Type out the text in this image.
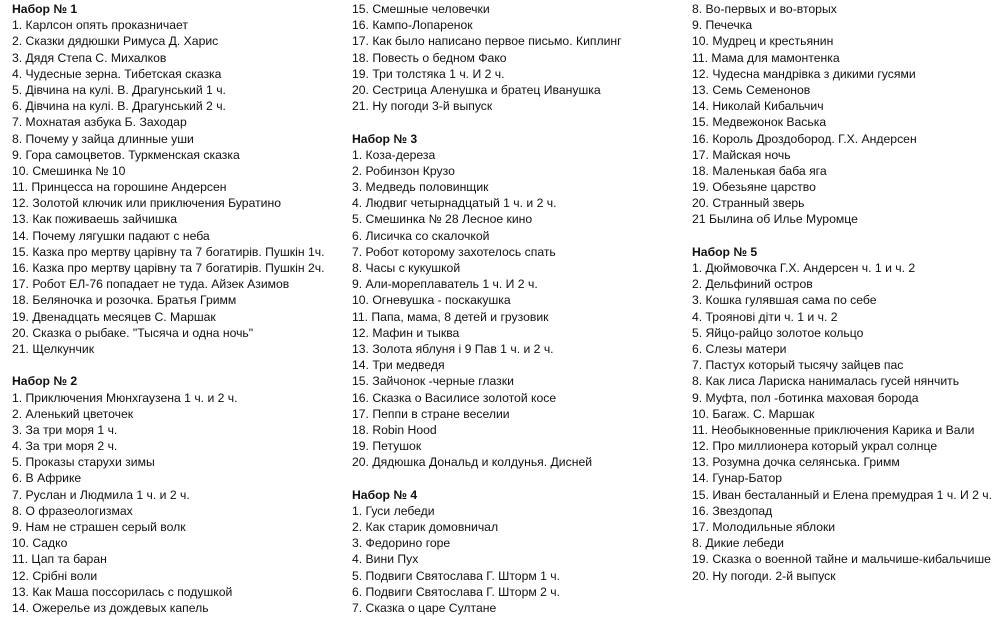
Набор № 1
1. Карлсон опять проказничает
2. Сказки дядюшки Римуса Д. Харис
3. Дядя Степа С. Михалков
4. Чудесные зерна. Тибетская сказка
5. Дівчина на кулі. В. Драгунський 1 ч.
6. Дівчина на кулі. В. Драгунський 2 ч.
7. Мохнатая азбука Б. Заходар
8. Почему у зайца длинные уши
9. Гора самоцветов. Туркменская сказка
10. Смешинка № 10
11. Принцесса на горошине Андерсен
12. Золотой ключик или приключения Буратино
13. Как поживаешь зайчишка
14. Почему лягушки падают с неба
15. Казка про мертву царівну та 7 богатирів. Пушкін 1ч.
16. Казка про мертву царівну та 7 богатирів. Пушкін 2ч.
17. Робот ЕЛ-76 попадает не туда. Айзек Азимов
18. Беляночка и розочка. Братья Гримм
19. Двенадцать месяцев С. Маршак
20. Сказка о рыбаке. "Тысяча и одна ночь"
21. Щелкунчик
Набор № 2
1. Приключения Мюнхгаузена 1 ч. и 2 ч.
2. Аленький цветочек
3. За три моря 1 ч.
4. За три моря 2 ч.
5. Проказы старухи зимы
6. В Африке
7. Руслан и Людмила 1 ч. и 2 ч.
8. О фразеологизмах
9. Нам не страшен серый волк
10. Садко
11. Цап та баран
12. Срібні воли
13. Как Маша поссорилась с подушкой
14. Ожерелье из дождевых капель
15. Смешные человечки
16. Кампо-Лопаренок
17. Как было написано первое письмо. Киплинг
18. Повесть о бедном Фако
19. Три толстяка 1 ч. И 2 ч.
20. Сестрица Аленушка и братец Иванушка
21. Ну погоди 3-й выпуск
Набор № 3
1. Коза-дереза
2. Робинзон Крузо
3. Медведь половинщик
4. Людвиг четырнадцатый 1 ч. и 2 ч.
5. Смешинка № 28 Лесное кино
6. Лисичка со скалочкой
7. Робот которому захотелось спать
8. Часы с кукушкой
9. Али-мореплаватель 1 ч. И 2 ч.
10. Огневушка - поскакушка
11. Папа, мама, 8 детей и грузовик
12. Мафин и тыква
13. Золота яблуня і 9 Пав 1 ч. и 2 ч.
14. Три медведя
15. Зайчонок -черные глазки
16. Сказка о Василисе золотой косе
17. Пеппи в стране веселии
18. Robin Hood
19. Петушок
20. Дядюшка Дональд и колдунья. Дисней
Набор № 4
1. Гуси лебеди
2. Как старик домовничал
3. Федорино горе
4. Вини Пух
5. Подвиги Святослава Г. Шторм 1 ч.
6. Подвиги Святослава Г. Шторм 2 ч.
7. Сказка о царе Султане
8. Во-первых и во-вторых
9. Печечка
10. Мудрец и крестьянин
11. Мама для мамонтенка
12. Чудесна мандрівка з дикими гусями
13. Семь Семенонов
14. Николай Кибальчич
15. Медвежонок Васька
16. Король Дроздобород. Г.Х. Андерсен
17. Майская ночь
18. Маленькая баба яга
19. Обезьяне царство
20. Странный зверь
21 Былина об Илье Муромце
Набор № 5
1. Дюймовочка Г.Х. Андерсен ч. 1 и ч. 2
2. Дельфиний остров
3. Кошка гулявшая сама по себе
4. Троянові діти ч. 1 и ч. 2
5. Яйцо-райцо золотое кольцо
6. Слезы матери
7. Пастух который тысячу зайцев пас
8. Как лиса Лариска нанималась гусей нянчить
9. Муфта, пол -ботинка маховая борода
10. Багаж. С. Маршак
11. Необыкновенные приключения Карика и Вали
12. Про миллионера который украл солнце
13. Розумна дочка селянська. Гримм
14. Гунар-Батор
15. Иван бесталанный и Елена премудрая 1 ч. И 2 ч.
16. Звездопад
17. Молодильные яблоки
8. Дикие лебеди
19. Сказка о военной тайне и мальчише-кибальчише
20. Ну погоди. 2-й выпуск
